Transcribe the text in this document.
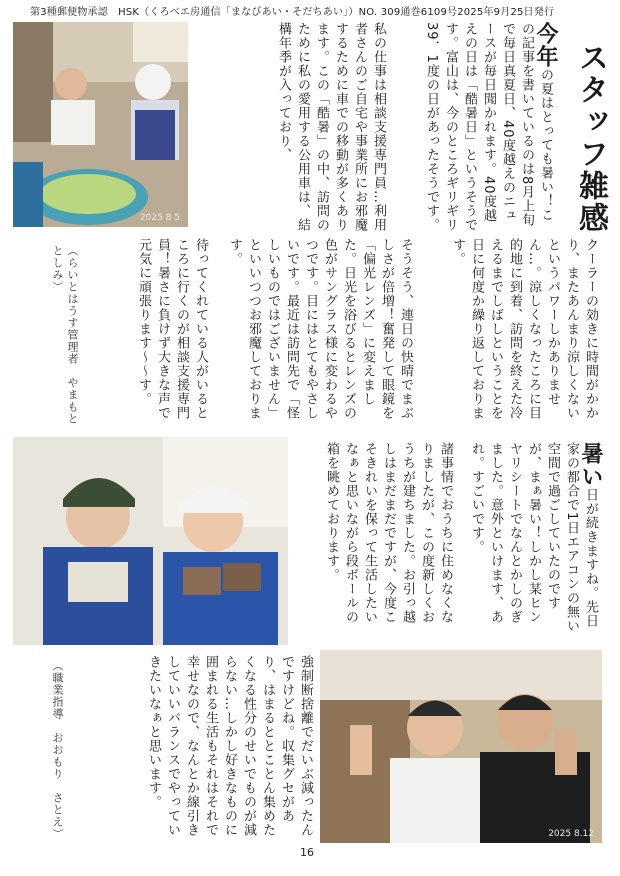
第3種郵便物承認　HSK（くろべエ房通信「まなびあい・そだちあい」）NO. 309通巻6109号2025年9月25日発行
2025 8 5	スタッフ雑感
今年の夏はとっても暑い！この記事を書いているのは8月上旬で毎日真夏日、40度越えのニュースが毎日聞かれます。40度越えの日は「酷暑日」というそうです。富山は、今のところギリギリ39．1度の日があったそうです。
私の仕事は相談支援専門員…利用者さんのご自宅や事業所にお邪魔するために車での移動が多くあります。この「酷暑」の中、訪問のために私の愛用する公用車は、結構年季が入っており、
クーラーの効きに時間がかかり、またあんまり涼しくないというパワーしかありません…。涼しくなったころに目的地に到着、訪問を終えた冷えるまでしばしということを日に何度か繰り返しております。
そうそう、連日の快晴でまぶしさが倍増！奮発して眼鏡を「偏光レンズ」に変えました。日光を浴びるとレンズの色がサングラス様に変わるやつです。目にはとてもやさしいです。最近は訪問先で「怪しいものではございません」といいつつお邪魔しております。
待ってくれている人がいるところに行くのが相談支援専門員！暑さに負けず大きな声で元気に頑張ります～～す。
（らいとはうす管理者　やまもと　としみ）
暑い日が続きますね。先日家の都合で1日エアコンの無い空間で過ごしていたのですが、まぁ暑い！しかし某ヒンヤリシートでなんとかしのぎました。意外といけます、あれ。すごいです。
諸事情でおうちに住めなくなりましたが、この度新しくおうちが建ちました。お引っ越しはまだまだですが、今度こそきれいを保って生活したいなぁと思いながら段ボールの箱を眺めております。
強制断捨離でだいぶ減ったんですけどね。収集グセがあり、はまるととことん集めたくなる性分のせいでものが減らない…しかし好きなものに囲まれる生活もそれはそれで幸せなので、なんとか線引きしていいバランスでやっていきたいなぁと思います。
（職業指導　おおもり　さとえ）	2025 8.12
16
